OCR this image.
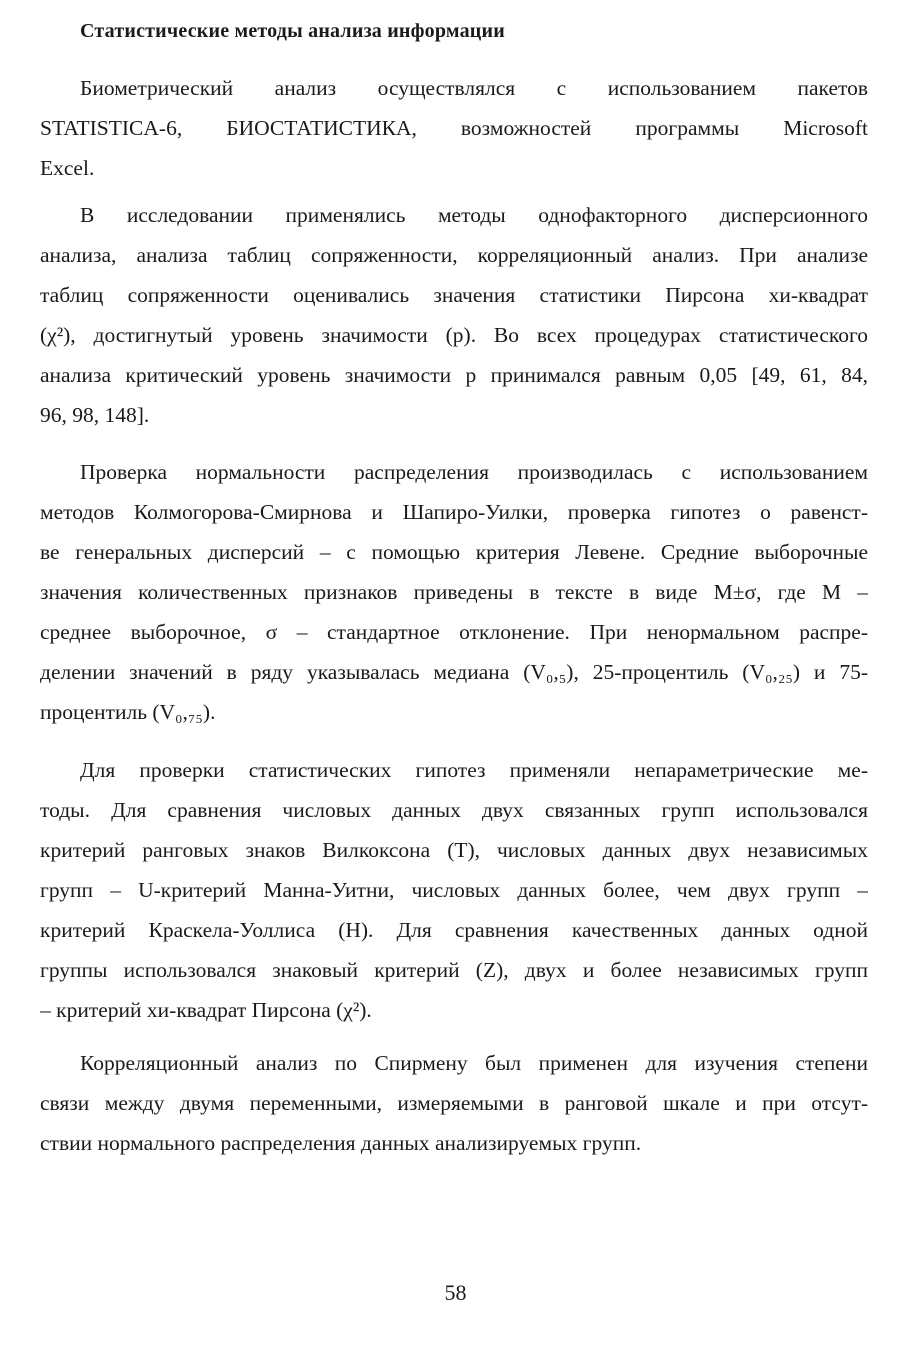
Статистические методы анализа информации
Биометрический анализ осуществлялся с использованием пакетов
STATISTICA-6, БИОСТАТИСТИКА, возможностей программы Microsoft
Excel.
В исследовании применялись методы однофакторного дисперсионного
анализа, анализа таблиц сопряженности, корреляционный анализ. При анализе
таблиц сопряженности оценивались значения статистики Пирсона хи-квадрат
(χ²), достигнутый уровень значимости (p). Во всех процедурах статистического
анализа критический уровень значимости p принимался равным 0,05 [49, 61, 84,
96, 98, 148].
Проверка нормальности распределения производилась с использованием
методов Колмогорова-Смирнова и Шапиро-Уилки, проверка гипотез о равенст-
ве генеральных дисперсий – с помощью критерия Левене. Средние выборочные
значения количественных признаков приведены в тексте в виде M±σ, где M –
среднее выборочное, σ – стандартное отклонение. При ненормальном распре-
делении значений в ряду указывалась медиана (V₀,₅), 25-процентиль (V₀,₂₅) и 75-
процентиль (V₀,₇₅).
Для проверки статистических гипотез применяли непараметрические ме-
тоды. Для сравнения числовых данных двух связанных групп использовался
критерий ранговых знаков Вилкоксона (T), числовых данных двух независимых
групп – U-критерий Манна-Уитни, числовых данных более, чем двух групп –
критерий Краскела-Уоллиса (H). Для сравнения качественных данных одной
группы использовался знаковый критерий (Z), двух и более независимых групп
– критерий хи-квадрат Пирсона (χ²).
Корреляционный анализ по Спирмену был применен для изучения степени
связи между двумя переменными, измеряемыми в ранговой шкале и при отсут-
ствии нормального распределения данных анализируемых групп.
58
